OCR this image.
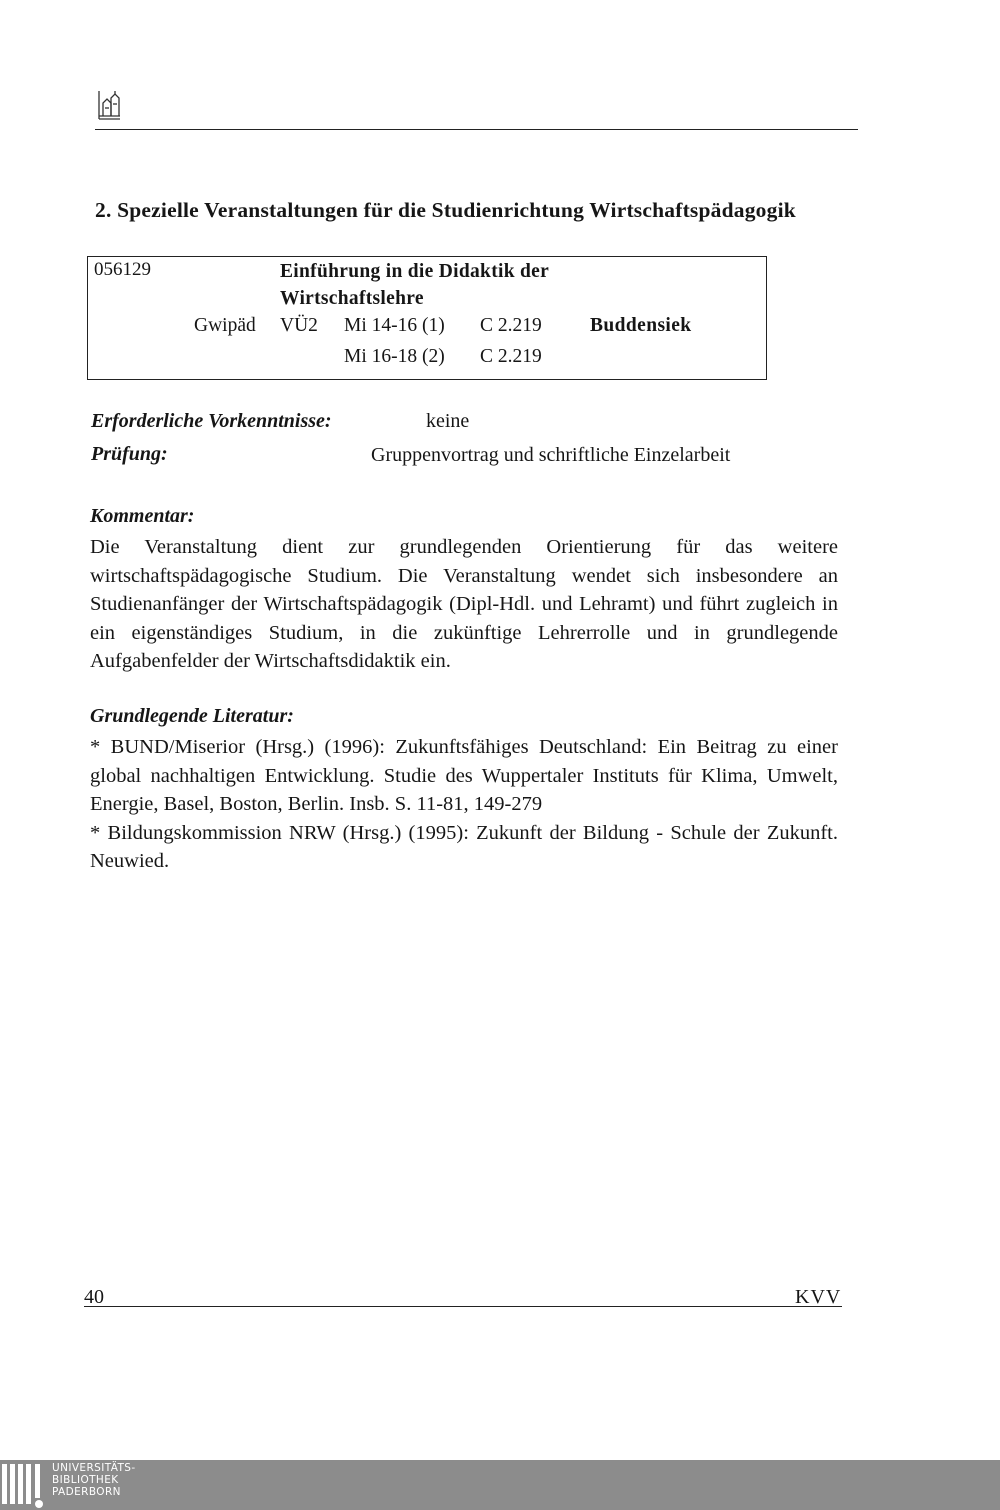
2. Spezielle Veranstaltungen für die Studienrichtung Wirtschaftspädagogik
056129	Einführung in die Didaktik der
Wirtschaftslehre
Gwipäd VÜ2 Mi 14-16 (1) C 2.219 Buddensiek
Mi 16-18 (2) C 2.219
Erforderliche Vorkenntnisse:	keine
Prüfung:	Gruppenvortrag und schriftliche Einzelarbeit
Kommentar:
Die Veranstaltung dient zur grundlegenden Orientierung für das weitere wirtschaftspädagogische Studium. Die Veranstaltung wendet sich insbesondere an Studienanfänger der Wirtschaftspädagogik (Dipl-Hdl. und Lehramt) und führt zugleich in ein eigenständiges Studium, in die zukünftige Lehrerrolle und in grundlegende Aufgabenfelder der Wirtschaftsdidaktik ein.
Grundlegende Literatur:

* BUND/Miserior (Hrsg.) (1996): Zukunftsfähiges Deutschland: Ein Beitrag zu einer global nachhaltigen Entwicklung. Studie des Wuppertaler Instituts für Klima, Umwelt, Energie, Basel, Boston, Berlin. Insb. S. 11-81, 149-279

* Bildungskommission NRW (Hrsg.) (1995): Zukunft der Bildung - Schule der Zukunft. Neuwied.

40	KVV
UNIVERSITÄTS-
BIBLIOTHEK
PADERBORN
